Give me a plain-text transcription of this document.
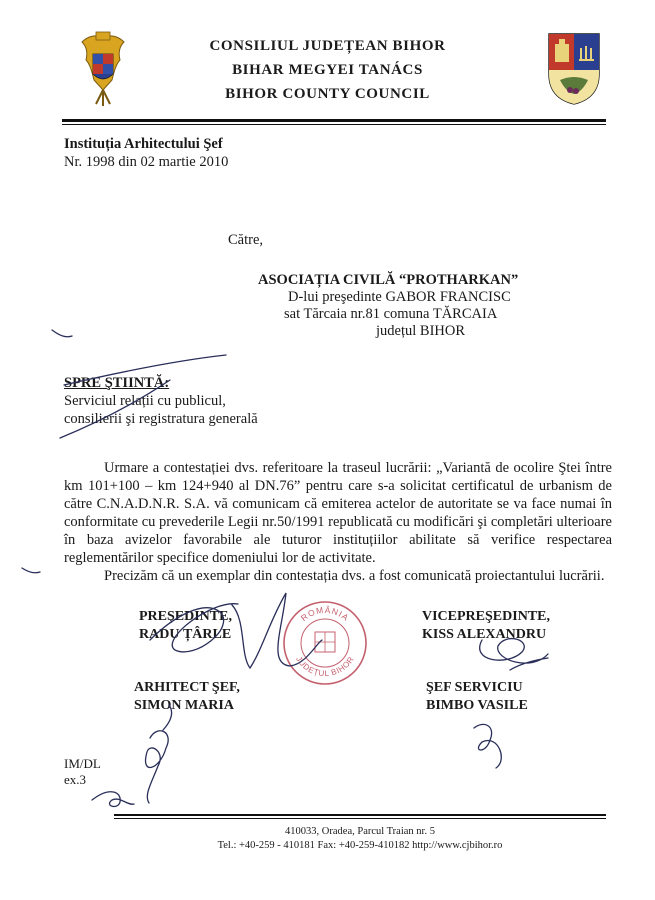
CONSILIUL JUDEȚEAN BIHOR
BIHAR MEGYEI TANÁCS
BIHOR COUNTY COUNCIL
Instituția Arhitectului Şef
Nr. 1998 din 02 martie 2010
Către,
ASOCIAȚIA CIVILĂ “PROTHARKAN”
D-lui preşedinte GABOR FRANCISC
sat Tărcaia nr.81 comuna TĂRCAIA
județul BIHOR
SPRE ŞTIINTĂ:
Serviciul relații cu publicul,
consilierii şi registratura generală

Urmare a contestației dvs. referitoare la traseul lucrării: „Variantă de ocolire Ştei între km 101+100 – km 124+940 al DN.76” pentru care s-a solicitat certificatul de urbanism de către C.N.A.D.N.R. S.A. vă comunicam că emiterea actelor de autoritate se va face numai în conformitate cu prevederile Legii nr.50/1991 republicată cu modificări şi completări ulterioare în baza avizelor favorabile ale tuturor instituțiilor abilitate să verifice respectarea reglementărilor specifice domeniului lor de activitate.

Precizăm că un exemplar din contestația dvs. a fost comunicată proiectantului lucrării.

ROMÂNIA
JUDEȚUL BIHOR
PREŞEDINTE,
RADU ȚÂRLE
VICEPREŞEDINTE,
KISS ALEXANDRU
ARHITECT ŞEF,
SIMON MARIA
ŞEF SERVICIU
BIMBO VASILE
IM/DL
ex.3
410033, Oradea, Parcul Traian nr. 5
Tel.: +40-259 - 410181 Fax: +40-259-410182 http://www.cjbihor.ro
